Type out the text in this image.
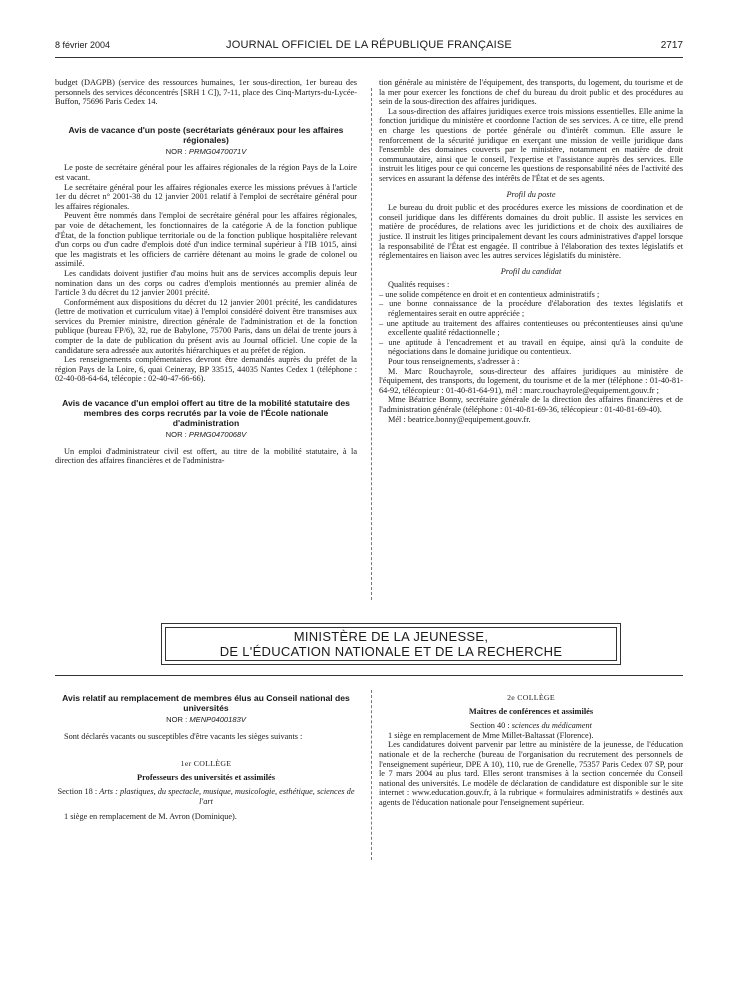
8 février 2004	JOURNAL OFFICIEL DE LA RÉPUBLIQUE FRANÇAISE	2717

budget (DAGPB) (service des ressources humaines, 1er sous-direction, 1er bureau des personnels des services déconcentrés [SRH 1 C]), 7-11, place des Cinq-Martyrs-du-Lycée-Buffon, 75696 Paris Cedex 14.

Avis de vacance d'un poste (secrétariats généraux pour les affaires régionales)
NOR : PRMG0470071V

Le poste de secrétaire général pour les affaires régionales de la région Pays de la Loire est vacant.

Le secrétaire général pour les affaires régionales exerce les missions prévues à l'article 1er du décret n° 2001-38 du 12 janvier 2001 relatif à l'emploi de secrétaire général pour les affaires régionales.

Peuvent être nommés dans l'emploi de secrétaire général pour les affaires régionales, par voie de détachement, les fonctionnaires de la catégorie A de la fonction publique d'État, de la fonction publique territoriale ou de la fonction publique hospitalière relevant d'un corps ou d'un cadre d'emplois doté d'un indice terminal supérieur à l'IB 1015, ainsi que les magistrats et les officiers de carrière détenant au moins le grade de colonel ou assimilé.

Les candidats doivent justifier d'au moins huit ans de services accomplis depuis leur nomination dans un des corps ou cadres d'emplois mentionnés au premier alinéa de l'article 3 du décret du 12 janvier 2001 précité.

Conformément aux dispositions du décret du 12 janvier 2001 précité, les candidatures (lettre de motivation et curriculum vitae) à l'emploi considéré doivent être transmises aux services du Premier ministre, direction générale de l'administration et de la fonction publique (bureau FP/6), 32, rue de Babylone, 75700 Paris, dans un délai de trente jours à compter de la date de publication du présent avis au Journal officiel. Une copie de la candidature sera adressée aux autorités hiérarchiques et au préfet de région.

Les renseignements complémentaires devront être demandés auprès du préfet de la région Pays de la Loire, 6, quai Ceineray, BP 33515, 44035 Nantes Cedex 1 (téléphone : 02-40-08-64-64, télécopie : 02-40-47-66-66).

Avis de vacance d'un emploi offert au titre de la mobilité statutaire des membres des corps recrutés par la voie de l'École nationale d'administration
NOR : PRMG0470068V

Un emploi d'administrateur civil est offert, au titre de la mobilité statutaire, à la direction des affaires financières et de l'administra-

tion générale au ministère de l'équipement, des transports, du logement, du tourisme et de la mer pour exercer les fonctions de chef du bureau du droit public et des procédures au sein de la sous-direction des affaires juridiques.

La sous-direction des affaires juridiques exerce trois missions essentielles. Elle anime la fonction juridique du ministère et coordonne l'action de ses services. A ce titre, elle prend en charge les questions de portée générale ou d'intérêt commun. Elle assure le renforcement de la sécurité juridique en exerçant une mission de veille juridique dans l'ensemble des domaines couverts par le ministère, notamment en matière de droit communautaire, ainsi que le conseil, l'expertise et l'assistance auprès des services. Elle instruit les litiges pour ce qui concerne les questions de responsabilité nées de l'activité des services en assurant la défense des intérêts de l'État et de ses agents.

Profil du poste

Le bureau du droit public et des procédures exerce les missions de coordination et de conseil juridique dans les différents domaines du droit public. Il assiste les services en matière de procédures, de relations avec les juridictions et de choix des auxiliaires de justice. Il instruit les litiges principalement devant les cours administratives d'appel lorsque la responsabilité de l'État est engagée. Il contribue à l'élaboration des textes législatifs et réglementaires en liaison avec les autres services législatifs du ministère.

Profil du candidat

Qualités requises :

– une solide compétence en droit et en contentieux administratifs ;
– une bonne connaissance de la procédure d'élaboration des textes législatifs et réglementaires serait en outre appréciée ;
– une aptitude au traitement des affaires contentieuses ou précontentieuses ainsi qu'une excellente qualité rédactionnelle ;
– une aptitude à l'encadrement et au travail en équipe, ainsi qu'à la conduite de négociations dans le domaine juridique ou contentieux.

Pour tous renseignements, s'adresser à :

M. Marc Rouchayrole, sous-directeur des affaires juridiques au ministère de l'équipement, des transports, du logement, du tourisme et de la mer (téléphone : 01-40-81-64-92, télécopieur : 01-40-81-64-91), mél : marc.rouchayrole@equipement.gouv.fr ;

Mme Béatrice Bonny, secrétaire générale de la direction des affaires financières et de l'administration générale (téléphone : 01-40-81-69-36, télécopieur : 01-40-81-69-40).

Mél : beatrice.bonny@equipement.gouv.fr.

MINISTÈRE DE LA JEUNESSE,
DE L'ÉDUCATION NATIONALE ET DE LA RECHERCHE
Avis relatif au remplacement de membres élus au Conseil national des universités
NOR : MENP0400183V

Sont déclarés vacants ou susceptibles d'être vacants les sièges suivants :

1er COLLÈGE
Professeurs des universités et assimilés

Section 18 : Arts : plastiques, du spectacle, musique, musicologie, esthétique, sciences de l'art

1 siège en remplacement de M. Avron (Dominique).

2e COLLÈGE
Maîtres de conférences et assimilés

Section 40 : sciences du médicament

1 siège en remplacement de Mme Millet-Baltassat (Florence).

Les candidatures doivent parvenir par lettre au ministère de la jeunesse, de l'éducation nationale et de la recherche (bureau de l'organisation du recrutement des personnels de l'enseignement supérieur, DPE A 10), 110, rue de Grenelle, 75357 Paris Cedex 07 SP, pour le 7 mars 2004 au plus tard. Elles seront transmises à la section concernée du Conseil national des universités. Le modèle de déclaration de candidature est disponible sur le site internet : www.education.gouv.fr, à la rubrique « formulaires administratifs » destinés aux agents de l'éducation nationale pour l'enseignement supérieur.
